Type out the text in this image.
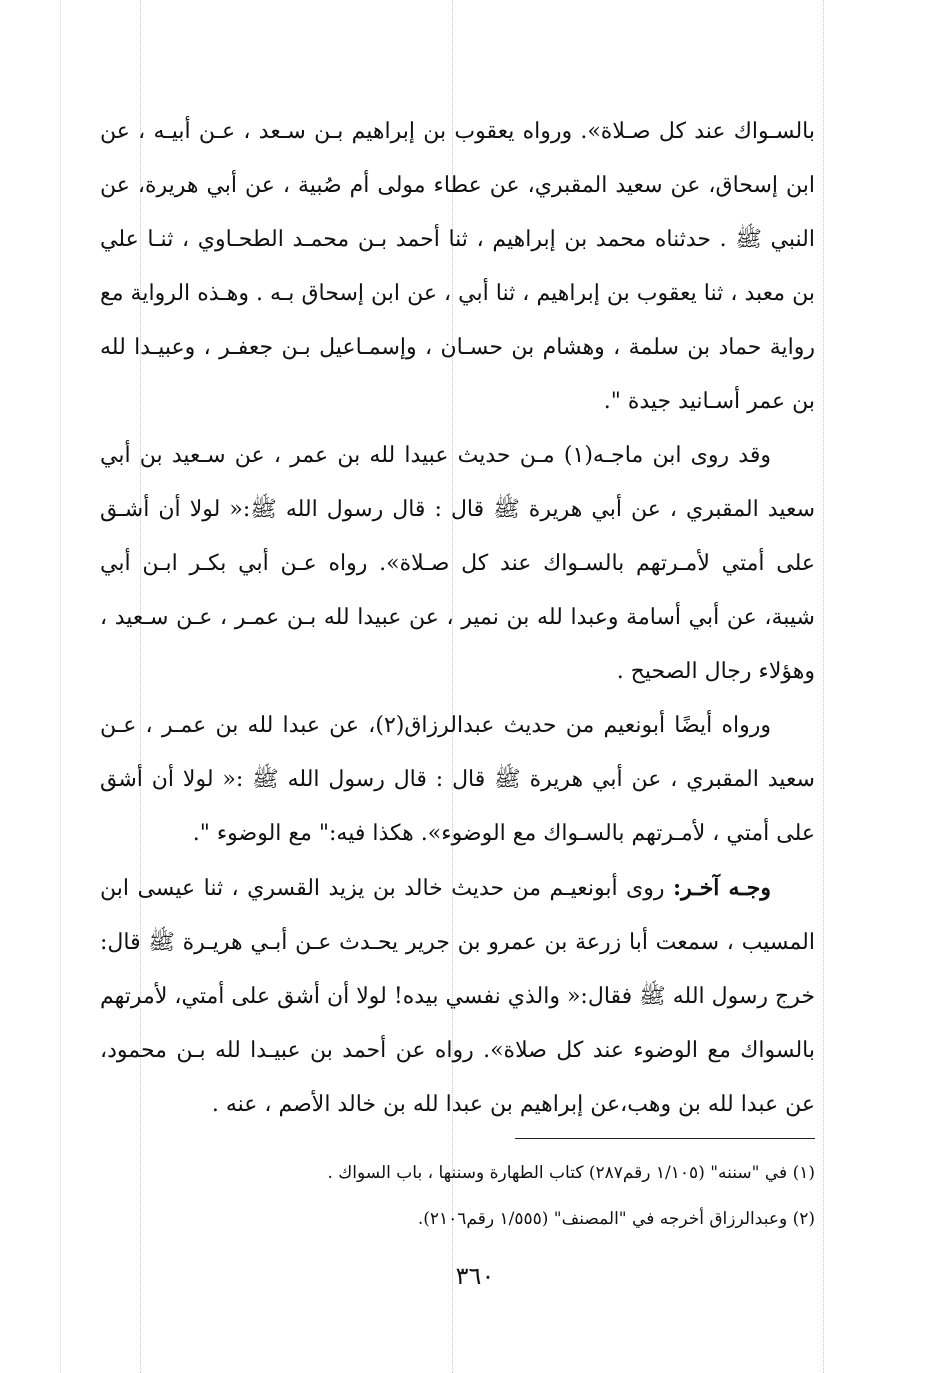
بالسـواك عند كل صـلاة». ورواه يعقوب بن إبراهيم بـن سـعد ، عـن أبيـه ، عن ابن إسحاق، عن سعيد المقبري، عن عطاء مولى أم صُبية ، عن أبي هريرة، عن النبي ﷺ . حدثناه محمد بن إبراهيم ، ثنا أحمد بـن محمـد الطحـاوي ، ثنـا علي بن معبد ، ثنا يعقوب بن إبراهيم ، ثنا أبي ، عن ابن إسحاق بـه . وهـذه الرواية مع رواية حماد بن سلمة ، وهشام بن حسـان ، وإسمـاعيل بـن جعفـر ، وعبيـدا لله بن عمر أسـانيد جيدة ".

وقد روى ابن ماجـه(١) مـن حديث عبيدا لله بن عمر ، عن سـعيد بن أبي سعيد المقبري ، عن أبي هريرة ﷺ قال : قال رسول الله ﷺ:« لولا أن أشـق على أمتي لأمـرتهم بالسـواك عند كل صـلاة». رواه عـن أبي بكـر ابـن أبي شيبة، عن أبي أسامة وعبدا لله بن نمير ، عن عبيدا لله بـن عمـر ، عـن سـعيد ، وهؤلاء رجال الصحيح .

ورواه أيضًا أبونعيم من حديث عبدالرزاق(٢)، عن عبدا لله بن عمـر ، عـن سعيد المقبري ، عن أبي هريرة ﷺ قال : قال رسول الله ﷺ :« لولا أن أشق على أمتي ، لأمـرتهم بالسـواك مع الوضوء». هكذا فيه:" مع الوضوء ".

وجـه آخـر: روى أبونعيـم من حديث خالد بن يزيد القسري ، ثنا عيسى ابن المسيب ، سمعت أبا زرعة بن عمرو بن جرير يحـدث عـن أبـي هريـرة ﷺ قال: خرج رسول الله ﷺ فقال:« والذي نفسي بيده! لولا أن أشق على أمتي، لأمرتهم بالسواك مع الوضوء عند كل صلاة». رواه عن أحمد بن عبيـدا لله بـن محمود، عن عبدا لله بن وهب،عن إبراهيم بن عبدا لله بن خالد الأصم ، عنه .

(١) في "سننه" (١/١٠٥ رقم٢٨٧) كتاب الطهارة وسننها ، باب السواك .
(٢) وعبدالرزاق أخرجه في "المصنف" (١/٥٥٥ رقم٢١٠٦).
٣٦٠
